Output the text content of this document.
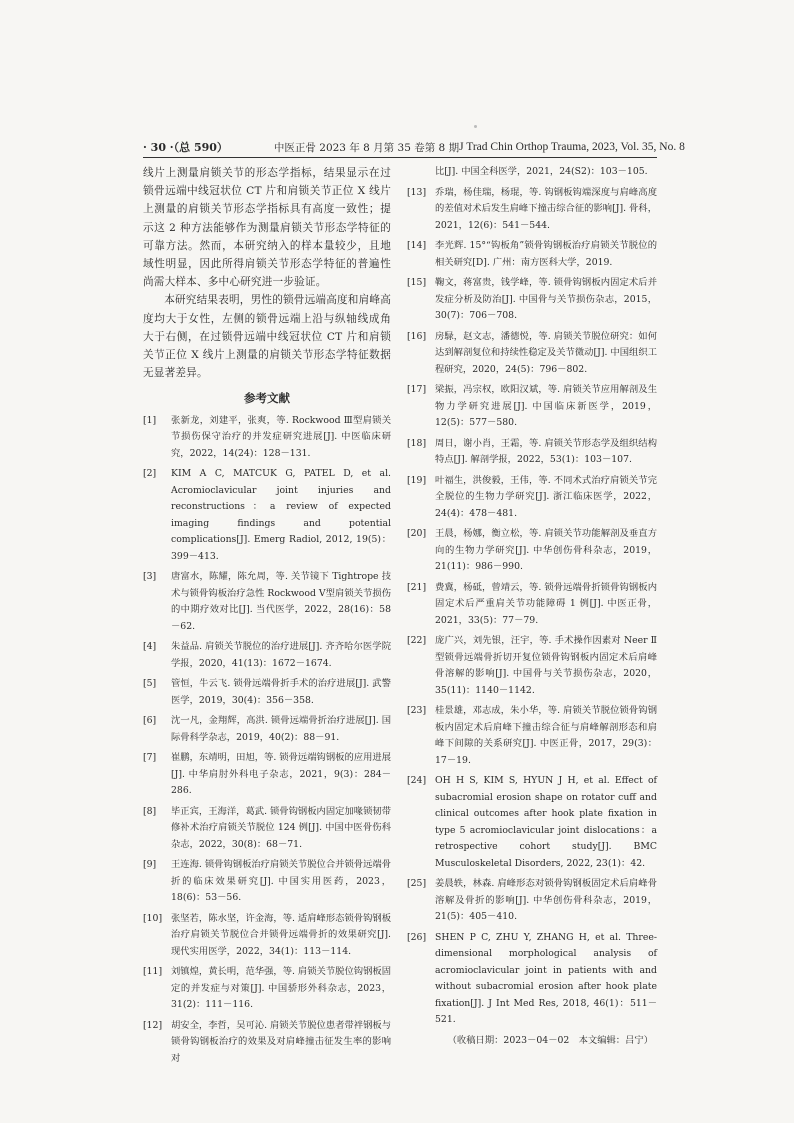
· 30 ·（总 590）	中医正骨 2023 年 8 月第 35 卷第 8 期 J Trad Chin Orthop Trauma, 2023, Vol. 35, No. 8

线片上测量肩锁关节的形态学指标，结果显示在过锁骨远端中线冠状位 CT 片和肩锁关节正位 X 线片上测量的肩锁关节形态学指标具有高度一致性；提示这 2 种方法能够作为测量肩锁关节形态学特征的可靠方法。然而，本研究纳入的样本量较少，且地域性明显，因此所得肩锁关节形态学特征的普遍性尚需大样本、多中心研究进一步验证。

本研究结果表明，男性的锁骨远端高度和肩峰高度均大于女性，左侧的锁骨远端上沿与纵轴线成角大于右侧，在过锁骨远端中线冠状位 CT 片和肩锁关节正位 X 线片上测量的肩锁关节形态学特征数据无显著差异。

参考文献
[1]	张新龙，刘建平，张爽，等. Rockwood Ⅲ型肩锁关节损伤保守治疗的并发症研究进展[J]. 中医临床研究，2022，14(24)：128－131.
[2]	KIM A C, MATCUK G, PATEL D, et al. Acromioclavicular joint injuries and reconstructions：a review of expected imaging findings and potential complications[J]. Emerg Radiol, 2012, 19(5)：399－413.
[3]	唐富水，陈耀，陈允周，等. 关节镜下 Tightrope 技术与锁骨钩板治疗急性 Rockwood Ⅴ型肩锁关节损伤的中期疗效对比[J]. 当代医学，2022，28(16)：58－62.
[4]	朱益品. 肩锁关节脱位的治疗进展[J]. 齐齐哈尔医学院学报，2020，41(13)：1672－1674.
[5]	管恒，牛云飞. 锁骨远端骨折手术的治疗进展[J]. 武警医学，2019，30(4)：356－358.
[6]	沈一凡，金翔辉，高洪. 锁骨远端骨折治疗进展[J]. 国际骨科学杂志，2019，40(2)：88－91.
[7]	崔鹏，东靖明，田旭，等. 锁骨远端钩钢板的应用进展[J]. 中华肩肘外科电子杂志，2021，9(3)：284－286.
[8]	毕正宾，王海洋，葛武. 锁骨钩钢板内固定加喙锁韧带修补术治疗肩锁关节脱位 124 例[J]. 中国中医骨伤科杂志，2022，30(8)：68－71.
[9]	王连海. 锁骨钩钢板治疗肩锁关节脱位合并锁骨远端骨折的临床效果研究[J]. 中国实用医药，2023，18(6)：53－56.
[10] 张坚若，陈水坚，许金海，等. 适肩峰形态锁骨钩钢板治疗肩锁关节脱位合并锁骨远端骨折的效果研究[J]. 现代实用医学，2022，34(1)：113－114.
[11] 刘镇煌，黄长明，范华强，等. 肩锁关节脱位钩钢板固定的并发症与对策[J]. 中国骄形外科杂志，2023，31(2)：111－116.
[12] 胡安全，李哲，吴可沁. 肩锁关节脱位患者带袢钢板与锁骨钩钢板治疗的效果及对肩峰撞击征发生率的影响对
比[J]. 中国全科医学，2021，24(S2)：103－105.
[13] 乔瑞，杨佳瑞，杨琨，等. 钩钢板钩端深度与肩峰高度的差值对术后发生肩峰下撞击综合征的影响[J]. 骨科，2021，12(6)：541－544.
[14] 李光辉. 15°“钩板角”锁骨钩钢板治疗肩锁关节脱位的相关研究[D]. 广州：南方医科大学，2019.
[15] 鞠文，蒋富贵，钱学峰，等. 锁骨钩钢板内固定术后并发症分析及防治[J]. 中国骨与关节损伤杂志，2015，30(7)：706－708.
[16] 房騄，赵文志，潘德悦，等. 肩锁关节脱位研究：如何达到解剖复位和持续性稳定及关节微动[J]. 中国组织工程研究，2020，24(5)：796－802.
[17] 梁振，冯宗权，欧阳汉斌，等. 肩锁关节应用解剖及生物力学研究进展[J]. 中国临床新医学，2019，12(5)：577－580.
[18] 周日，谢小肖，王霜，等. 肩锁关节形态学及组织结构特点[J]. 解剖学报，2022，53(1)：103－107.
[19] 叶福生，洪俊毅，王伟，等. 不同术式治疗肩锁关节完全脱位的生物力学研究[J]. 浙江临床医学，2022，24(4)：478－481.
[20] 王晨，杨娜，衡立松，等. 肩锁关节功能解剖及垂直方向的生物力学研究[J]. 中华创伤骨科杂志，2019，21(11)：986－990.
[21] 费冀，杨砥，曾靖云，等. 锁骨远端骨折锁骨钩钢板内固定术后严重肩关节功能障碍 1 例[J]. 中医正骨，2021，33(5)：77－79.
[22] 庞广兴，刘先银，汪宇，等. 手术操作因素对 Neer Ⅱ型锁骨远端骨折切开复位锁骨钩钢板内固定术后肩峰骨溶解的影响[J]. 中国骨与关节损伤杂志，2020，35(11)：1140－1142.
[23] 桂景雄，邓志成，朱小华，等. 肩锁关节脱位锁骨钩钢板内固定术后肩峰下撞击综合征与肩峰解剖形态和肩峰下间隙的关系研究[J]. 中医正骨，2017，29(3)：17－19.
[24] OH H S, KIM S, HYUN J H, et al. Effect of subacromial erosion shape on rotator cuff and clinical outcomes after hook plate fixation in type 5 acromioclavicular joint dislocations：a retrospective cohort study[J]. BMC Musculoskeletal Disorders, 2022, 23(1)：42.
[25] 姜晨轶，林森. 肩峰形态对锁骨钩钢板固定术后肩峰骨溶解及骨折的影响[J]. 中华创伤骨科杂志，2019，21(5)：405－410.
[26] SHEN P C, ZHU Y, ZHANG H, et al. Three-dimensional morphological analysis of acromioclavicular joint in patients with and without subacromial erosion after hook plate fixation[J]. J Int Med Res, 2018, 46(1)：511－521.
（收稿日期：2023－04－02　本文编辑：吕宁）
